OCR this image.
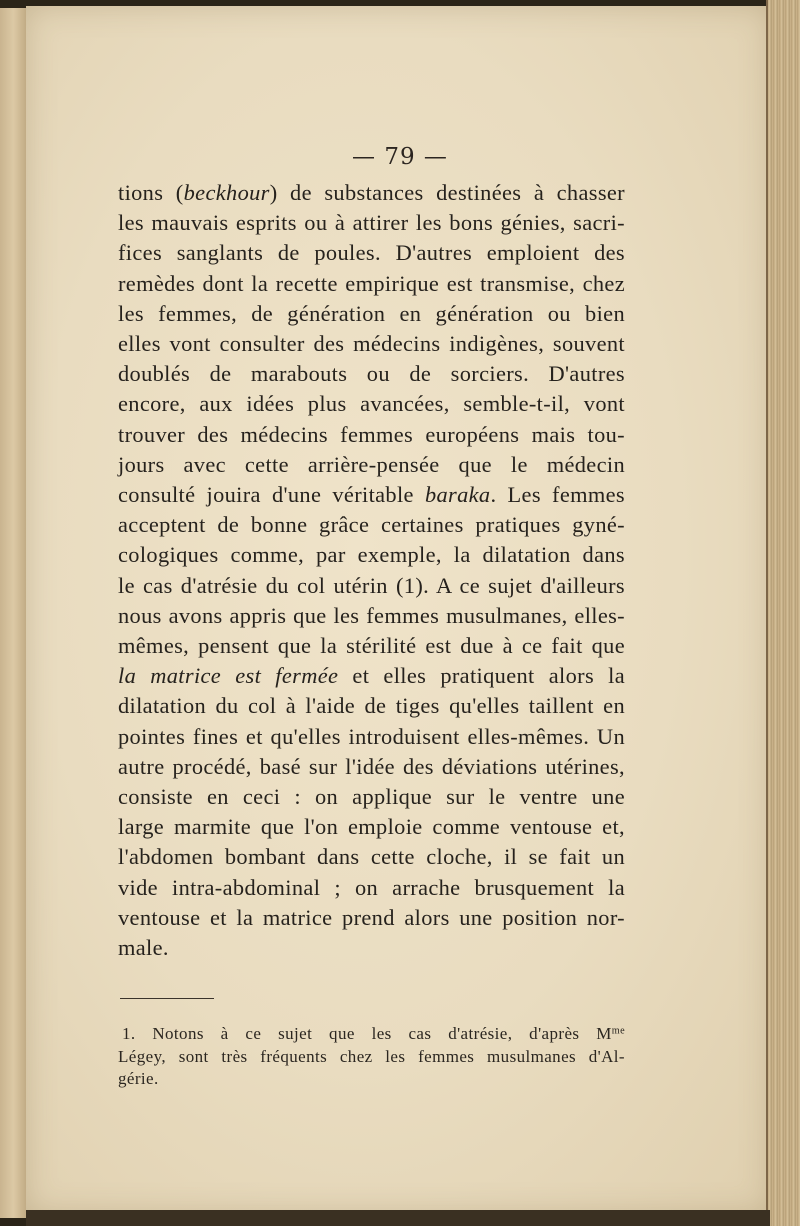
— 79 —
tions (beckhour) de substances destinées à chasser
les mauvais esprits ou à attirer les bons génies, sacri-
fices sanglants de poules. D'autres emploient des
remèdes dont la recette empirique est transmise, chez
les femmes, de génération en génération ou bien
elles vont consulter des médecins indigènes, souvent
doublés de marabouts ou de sorciers. D'autres
encore, aux idées plus avancées, semble-t-il, vont
trouver des médecins femmes européens mais tou-
jours avec cette arrière-pensée que le médecin
consulté jouira d'une véritable baraka. Les femmes
acceptent de bonne grâce certaines pratiques gyné-
cologiques comme, par exemple, la dilatation dans
le cas d'atrésie du col utérin (1). A ce sujet d'ailleurs
nous avons appris que les femmes musulmanes, elles-
mêmes, pensent que la stérilité est due à ce fait que
la matrice est fermée et elles pratiquent alors la
dilatation du col à l'aide de tiges qu'elles taillent en
pointes fines et qu'elles introduisent elles-mêmes. Un
autre procédé, basé sur l'idée des déviations utérines,
consiste en ceci : on applique sur le ventre une
large marmite que l'on emploie comme ventouse et,
l'abdomen bombant dans cette cloche, il se fait un
vide intra-abdominal ; on arrache brusquement la
ventouse et la matrice prend alors une position nor-
male.
1. Notons à ce sujet que les cas d'atrésie, d'après $M^{me}$
Légey, sont très fréquents chez les femmes musulmanes d'Al-
gérie.
